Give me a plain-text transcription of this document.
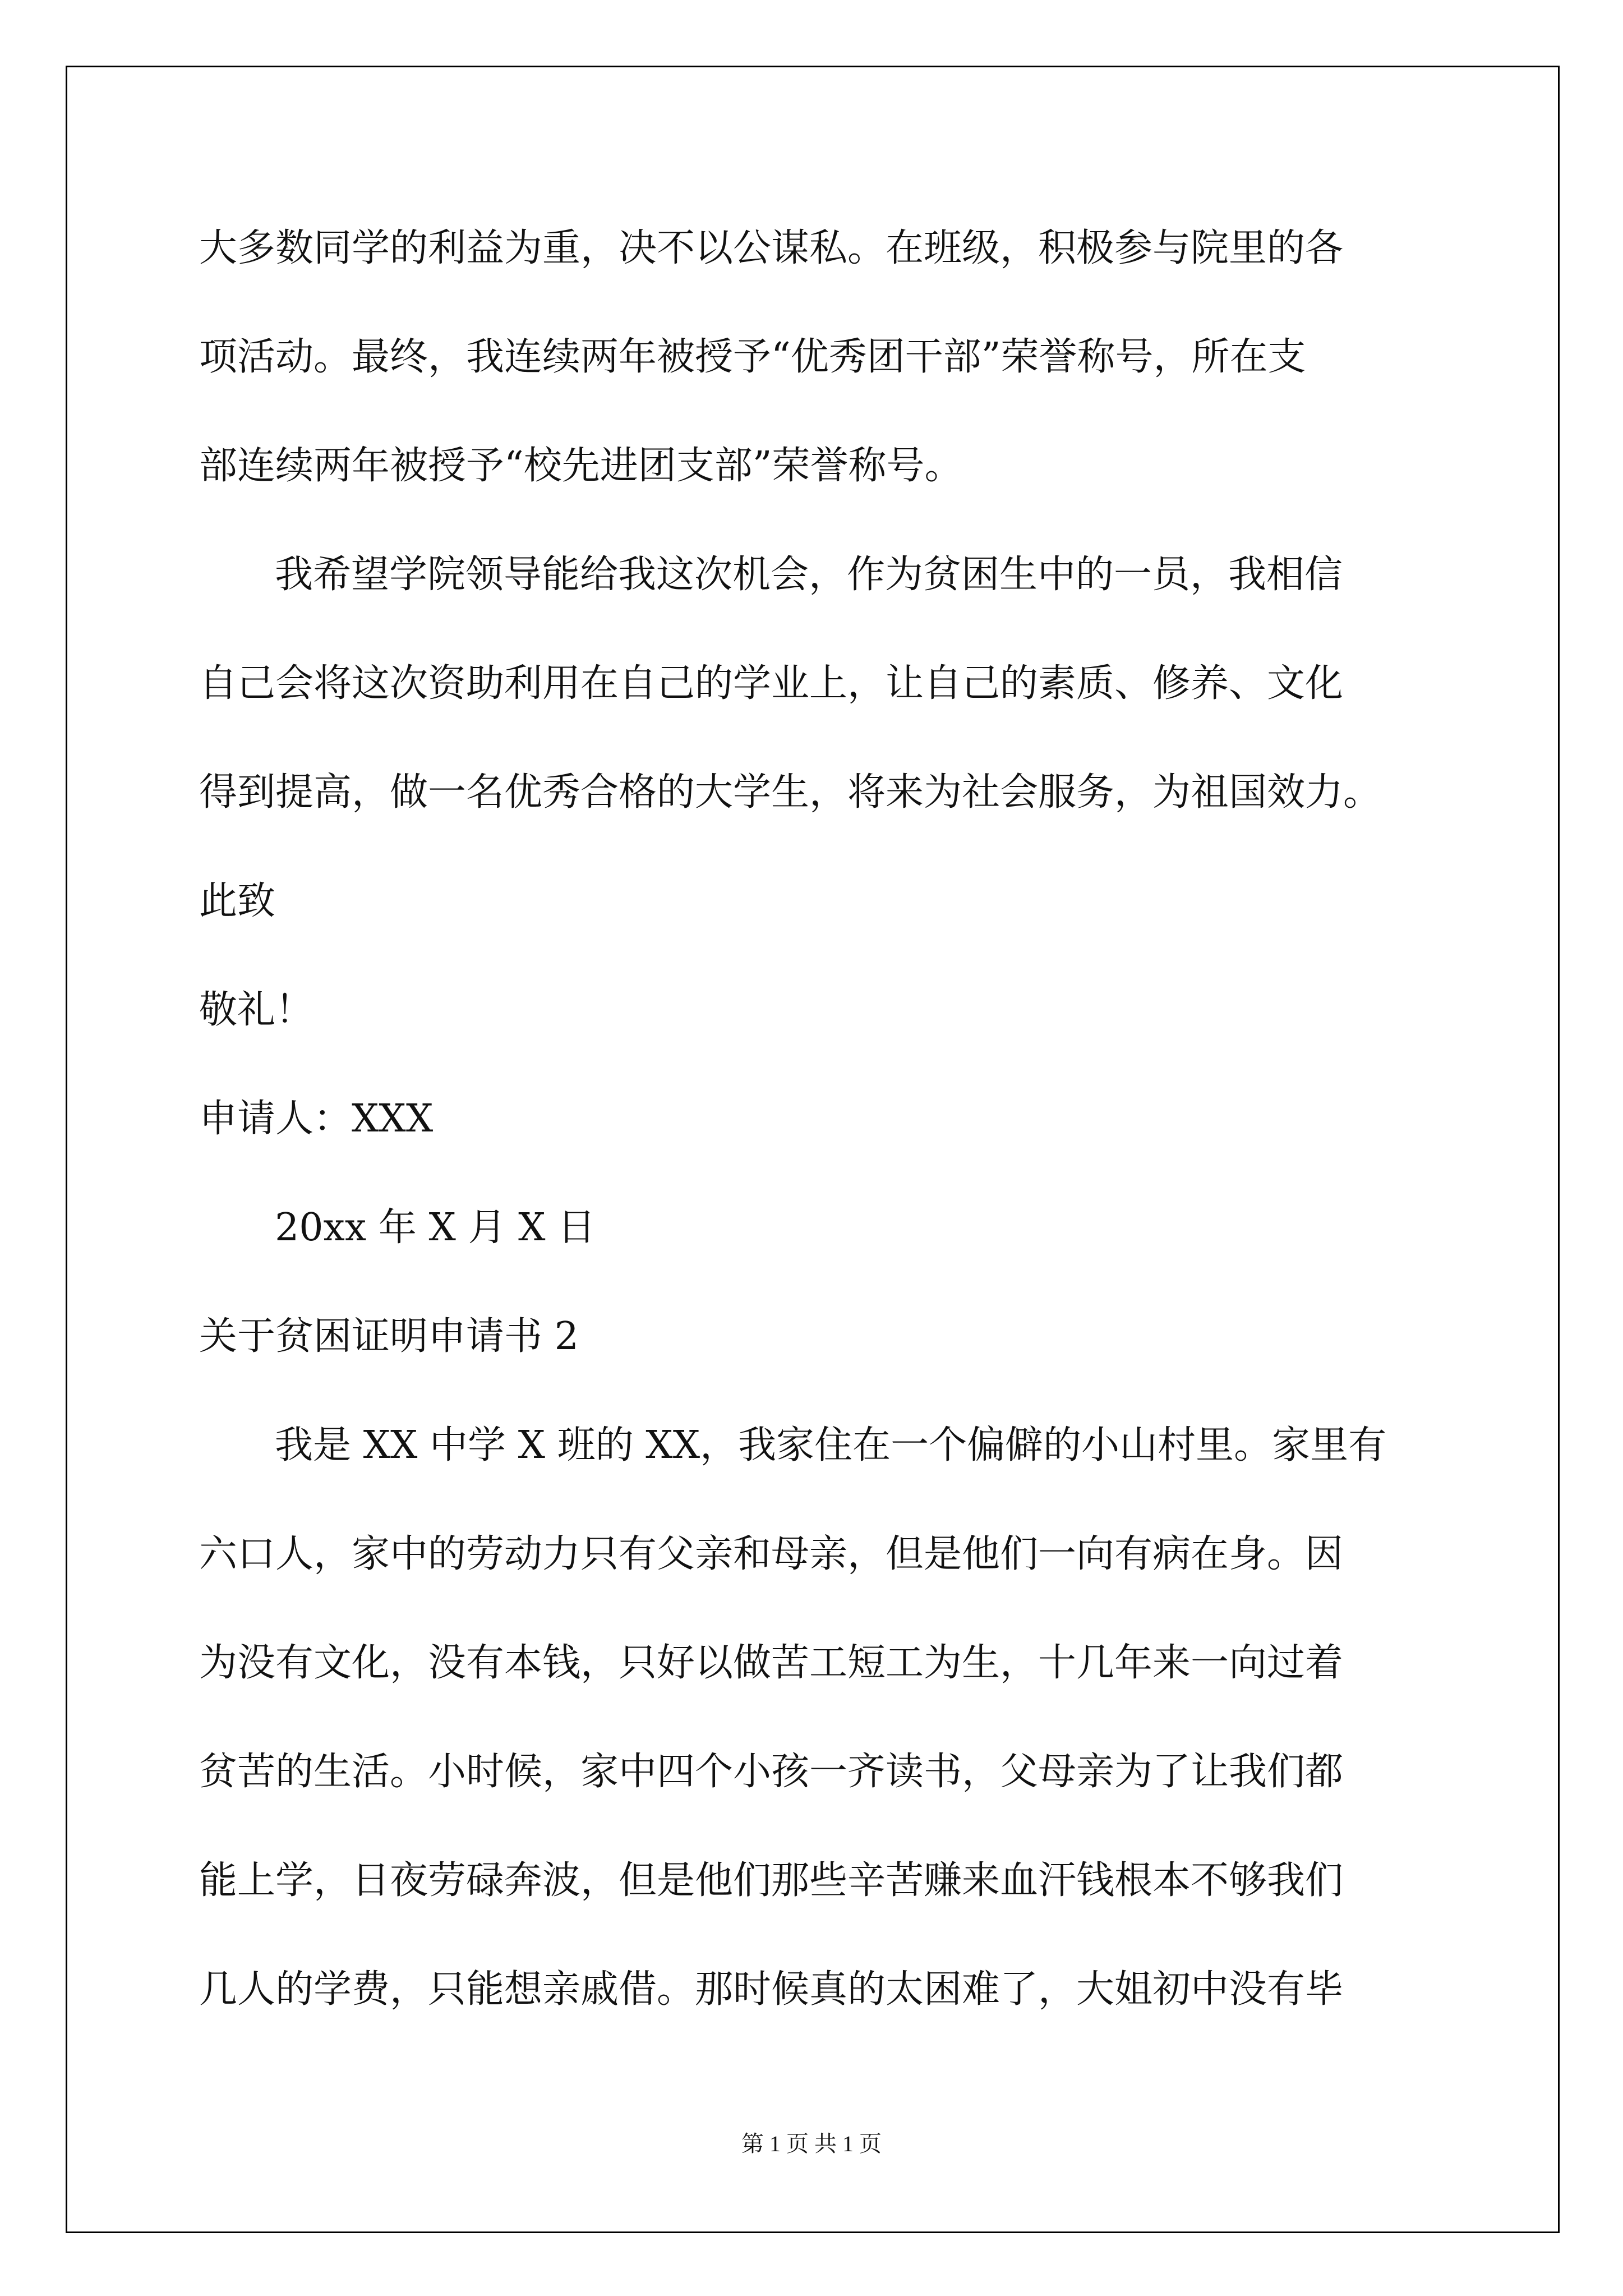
大多数同学的利益为重，决不以公谋私。在班级，积极参与院里的各

项活动。最终，我连续两年被授予“优秀团干部”荣誉称号，所在支

部连续两年被授予“校先进团支部”荣誉称号。

我希望学院领导能给我这次机会，作为贫困生中的一员，我相信

自己会将这次资助利用在自己的学业上，让自己的素质、修养、文化

得到提高，做一名优秀合格的大学生，将来为社会服务，为祖国效力。

此致

敬礼！

申请人：XXX

20xx 年 X 月 X 日

关于贫困证明申请书 2

我是 XX 中学 X 班的 XX，我家住在一个偏僻的小山村里。家里有

六口人，家中的劳动力只有父亲和母亲，但是他们一向有病在身。因

为没有文化，没有本钱，只好以做苦工短工为生，十几年来一向过着

贫苦的生活。小时候，家中四个小孩一齐读书，父母亲为了让我们都

能上学，日夜劳碌奔波，但是他们那些辛苦赚来血汗钱根本不够我们

几人的学费，只能想亲戚借。那时候真的太困难了，大姐初中没有毕

第 1 页 共 1 页
